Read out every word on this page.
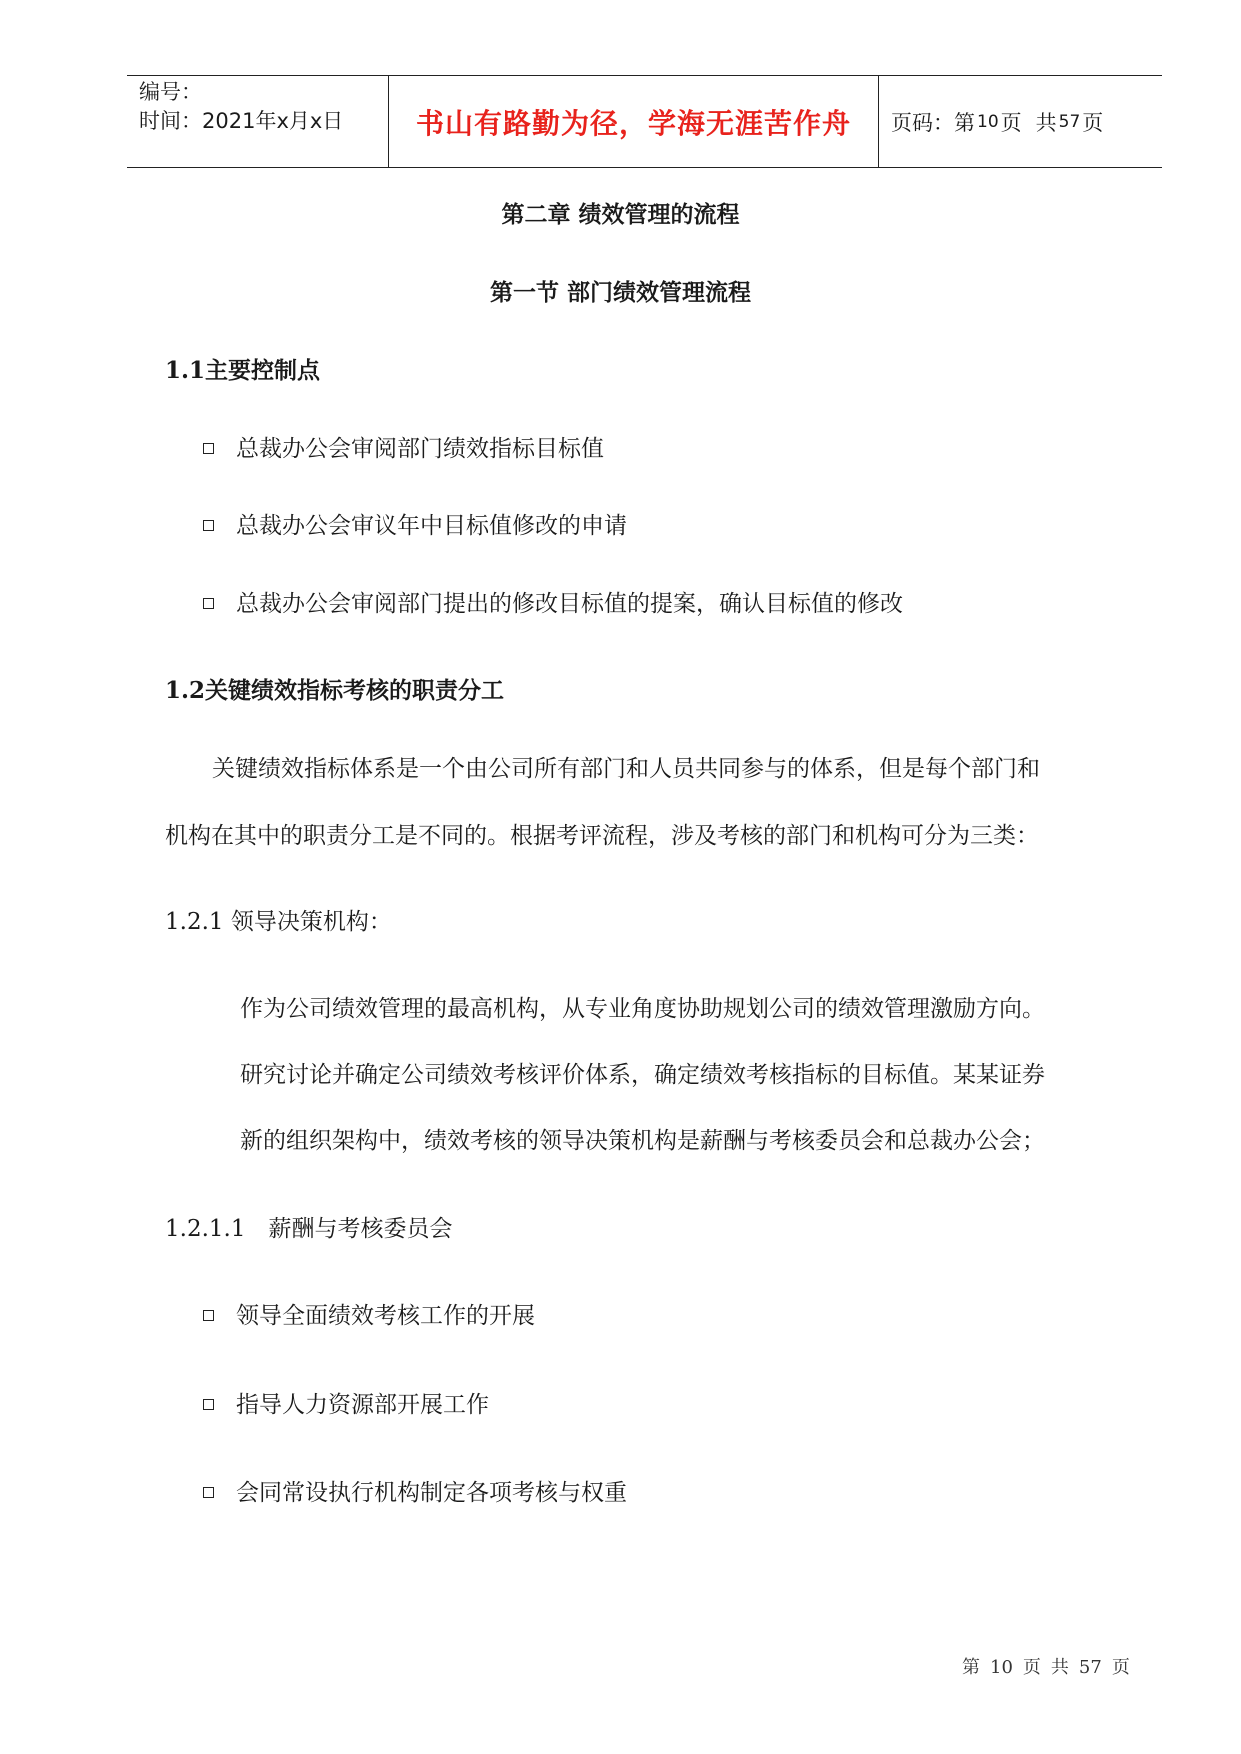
编号：
时间：2021年x月x日	书山有路勤为径，学海无涯苦作舟	页码：第 10 页 共 57 页
第二章 绩效管理的流程
第一节 部门绩效管理流程
1.1主要控制点
总裁办公会审阅部门绩效指标目标值
总裁办公会审议年中目标值修改的申请
总裁办公会审阅部门提出的修改目标值的提案，确认目标值的修改
1.2关键绩效指标考核的职责分工
关键绩效指标体系是一个由公司所有部门和人员共同参与的体系，但是每个部门和
机构在其中的职责分工是不同的。根据考评流程，涉及考核的部门和机构可分为三类：
1.2.1 领导决策机构：
作为公司绩效管理的最高机构，从专业角度协助规划公司的绩效管理激励方向。
研究讨论并确定公司绩效考核评价体系，确定绩效考核指标的目标值。某某证券
新的组织架构中，绩效考核的领导决策机构是薪酬与考核委员会和总裁办公会；
1.2.1.1　薪酬与考核委员会
领导全面绩效考核工作的开展
指导人力资源部开展工作
会同常设执行机构制定各项考核与权重
第 10 页 共 57 页
